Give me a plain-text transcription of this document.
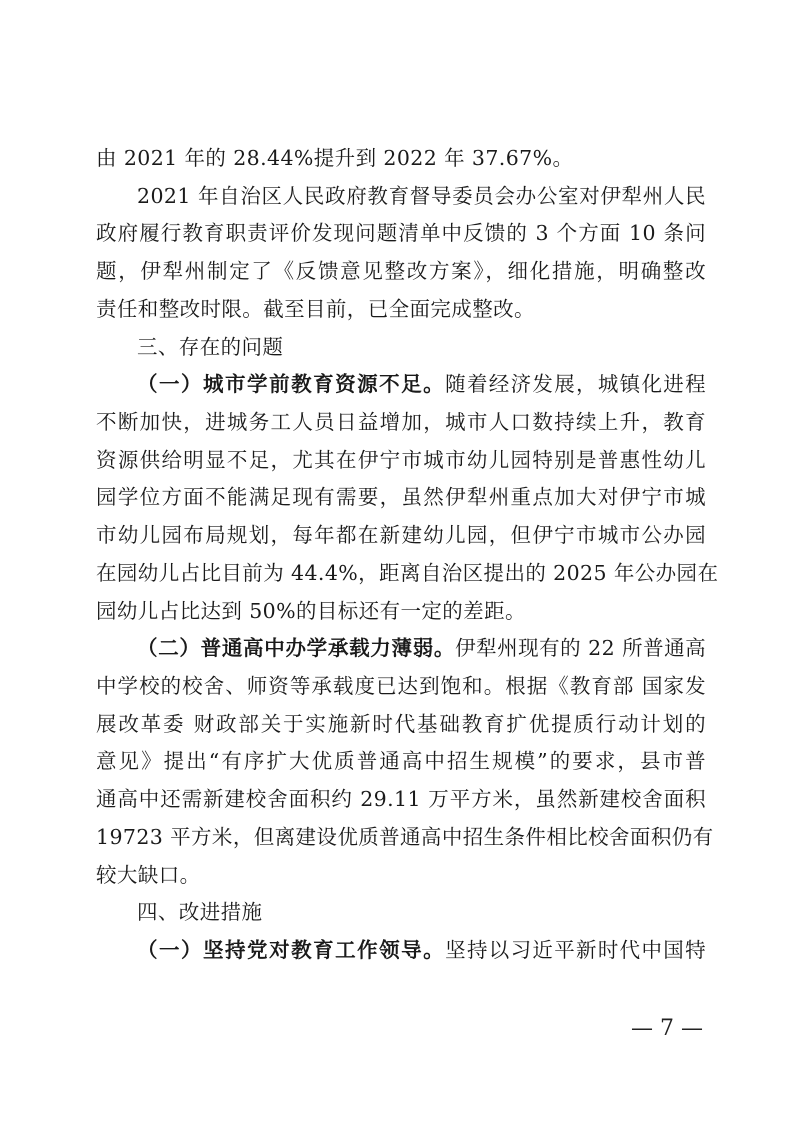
由 2021 年的 28.44%提升到 2022 年 37.67%。
2021 年自治区人民政府教育督导委员会办公室对伊犁州人民
政府履行教育职责评价发现问题清单中反馈的 3 个方面 10 条问
题，伊犁州制定了《反馈意见整改方案》，细化措施，明确整改
责任和整改时限。截至目前，已全面完成整改。
三、存在的问题
（一）城市学前教育资源不足。随着经济发展，城镇化进程
不断加快，进城务工人员日益增加，城市人口数持续上升，教育
资源供给明显不足，尤其在伊宁市城市幼儿园特别是普惠性幼儿
园学位方面不能满足现有需要，虽然伊犁州重点加大对伊宁市城
市幼儿园布局规划，每年都在新建幼儿园，但伊宁市城市公办园
在园幼儿占比目前为 44.4%，距离自治区提出的 2025 年公办园在
园幼儿占比达到 50%的目标还有一定的差距。
（二）普通高中办学承载力薄弱。伊犁州现有的 22 所普通高
中学校的校舍、师资等承载度已达到饱和。根据《教育部 国家发
展改革委 财政部关于实施新时代基础教育扩优提质行动计划的
意见》提出“有序扩大优质普通高中招生规模”的要求，县市普
通高中还需新建校舍面积约 29.11 万平方米，虽然新建校舍面积
19723 平方米，但离建设优质普通高中招生条件相比校舍面积仍有
较大缺口。
四、改进措施
（一）坚持党对教育工作领导。坚持以习近平新时代中国特
— 7 —
